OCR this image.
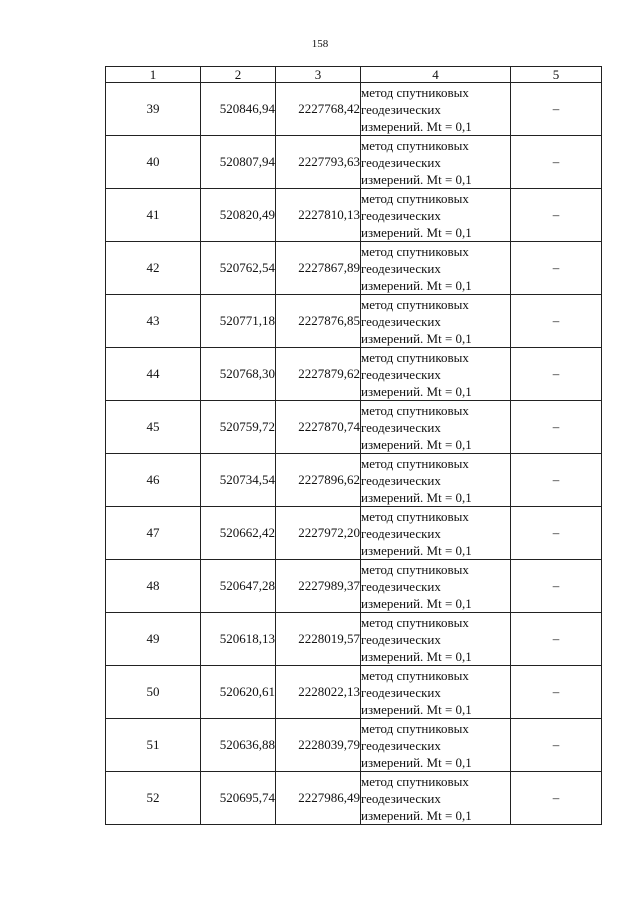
158
1	2	3	4	5
39	520846,94	2227768,42	метод спутниковых
геодезических
измерений. Mt = 0,1	–
40	520807,94	2227793,63	метод спутниковых
геодезических
измерений. Mt = 0,1	–
41	520820,49	2227810,13	метод спутниковых
геодезических
измерений. Mt = 0,1	–
42	520762,54	2227867,89	метод спутниковых
геодезических
измерений. Mt = 0,1	–
43	520771,18	2227876,85	метод спутниковых
геодезических
измерений. Mt = 0,1	–
44	520768,30	2227879,62	метод спутниковых
геодезических
измерений. Mt = 0,1	–
45	520759,72	2227870,74	метод спутниковых
геодезических
измерений. Mt = 0,1	–
46	520734,54	2227896,62	метод спутниковых
геодезических
измерений. Mt = 0,1	–
47	520662,42	2227972,20	метод спутниковых
геодезических
измерений. Mt = 0,1	–
48	520647,28	2227989,37	метод спутниковых
геодезических
измерений. Mt = 0,1	–
49	520618,13	2228019,57	метод спутниковых
геодезических
измерений. Mt = 0,1	–
50	520620,61	2228022,13	метод спутниковых
геодезических
измерений. Mt = 0,1	–
51	520636,88	2228039,79	метод спутниковых
геодезических
измерений. Mt = 0,1	–
52	520695,74	2227986,49	метод спутниковых
геодезических
измерений. Mt = 0,1	–
